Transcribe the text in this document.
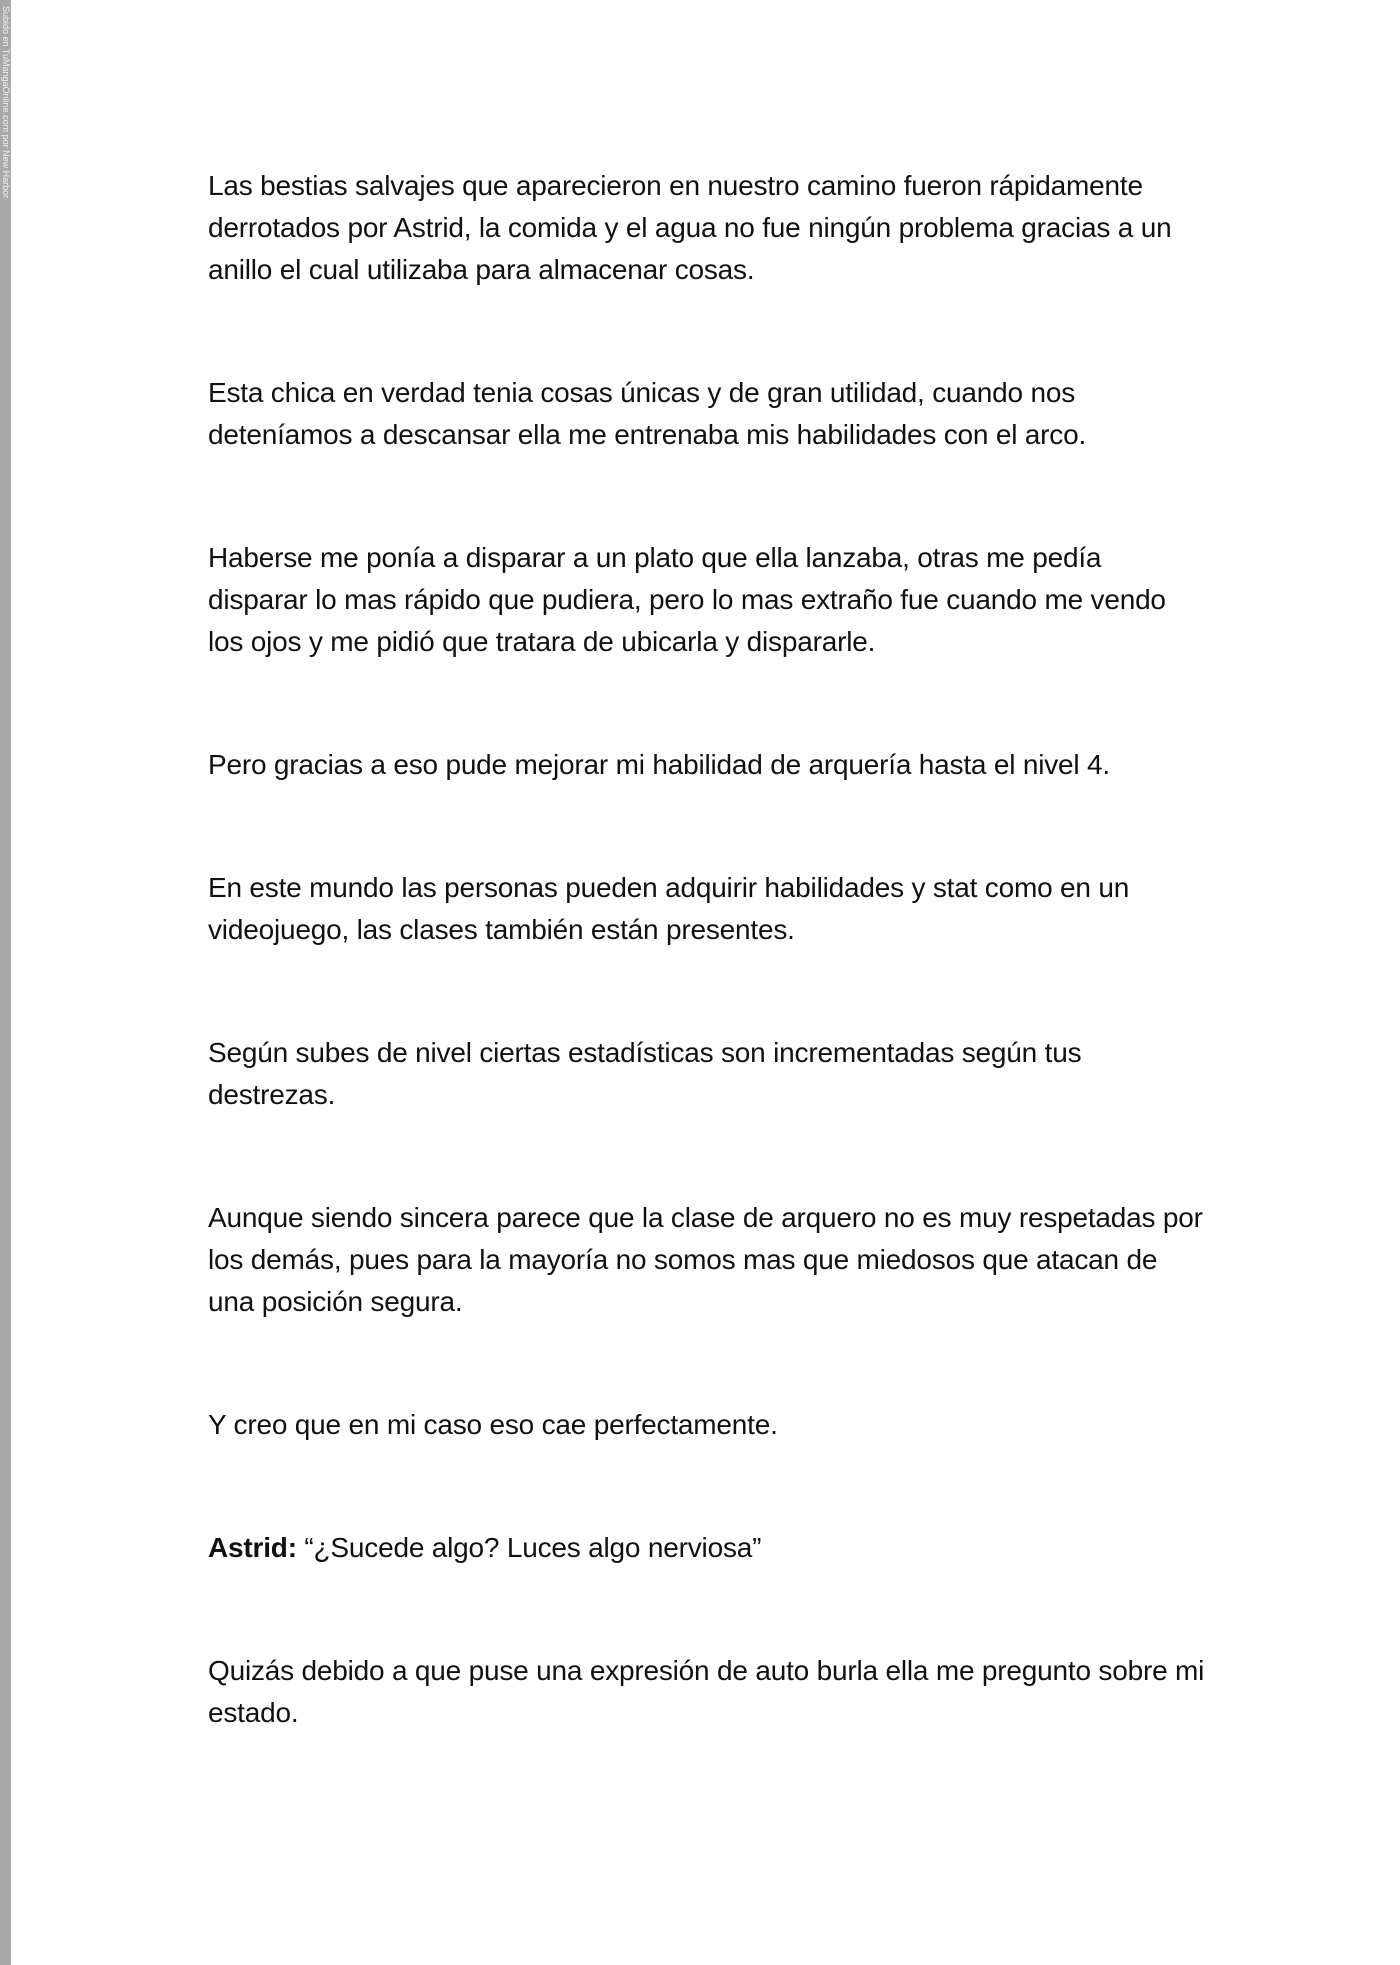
Subido en TuMangaOnline.com por New Harbor	Las bestias salvajes que aparecieron en nuestro camino fueron rápidamente derrotados por Astrid, la comida y el agua no fue ningún problema gracias a un anillo el cual utilizaba para almacenar cosas.

Esta chica en verdad tenia cosas únicas y de gran utilidad, cuando nos deteníamos a descansar ella me entrenaba mis habilidades con el arco.

Haberse me ponía a disparar a un plato que ella lanzaba, otras me pedía disparar lo mas rápido que pudiera, pero lo mas extraño fue cuando me vendo los ojos y me pidió que tratara de ubicarla y dispararle.

Pero gracias a eso pude mejorar mi habilidad de arquería hasta el nivel 4.

En este mundo las personas pueden adquirir habilidades y stat como en un videojuego, las clases también están presentes.

Según subes de nivel ciertas estadísticas son incrementadas según tus destrezas.

Aunque siendo sincera parece que la clase de arquero no es muy respetadas por los demás, pues para la mayoría no somos mas que miedosos que atacan de una posición segura.

Y creo que en mi caso eso cae perfectamente.

Astrid: “¿Sucede algo? Luces algo nerviosa”

Quizás debido a que puse una expresión de auto burla ella me pregunto sobre mi estado.
